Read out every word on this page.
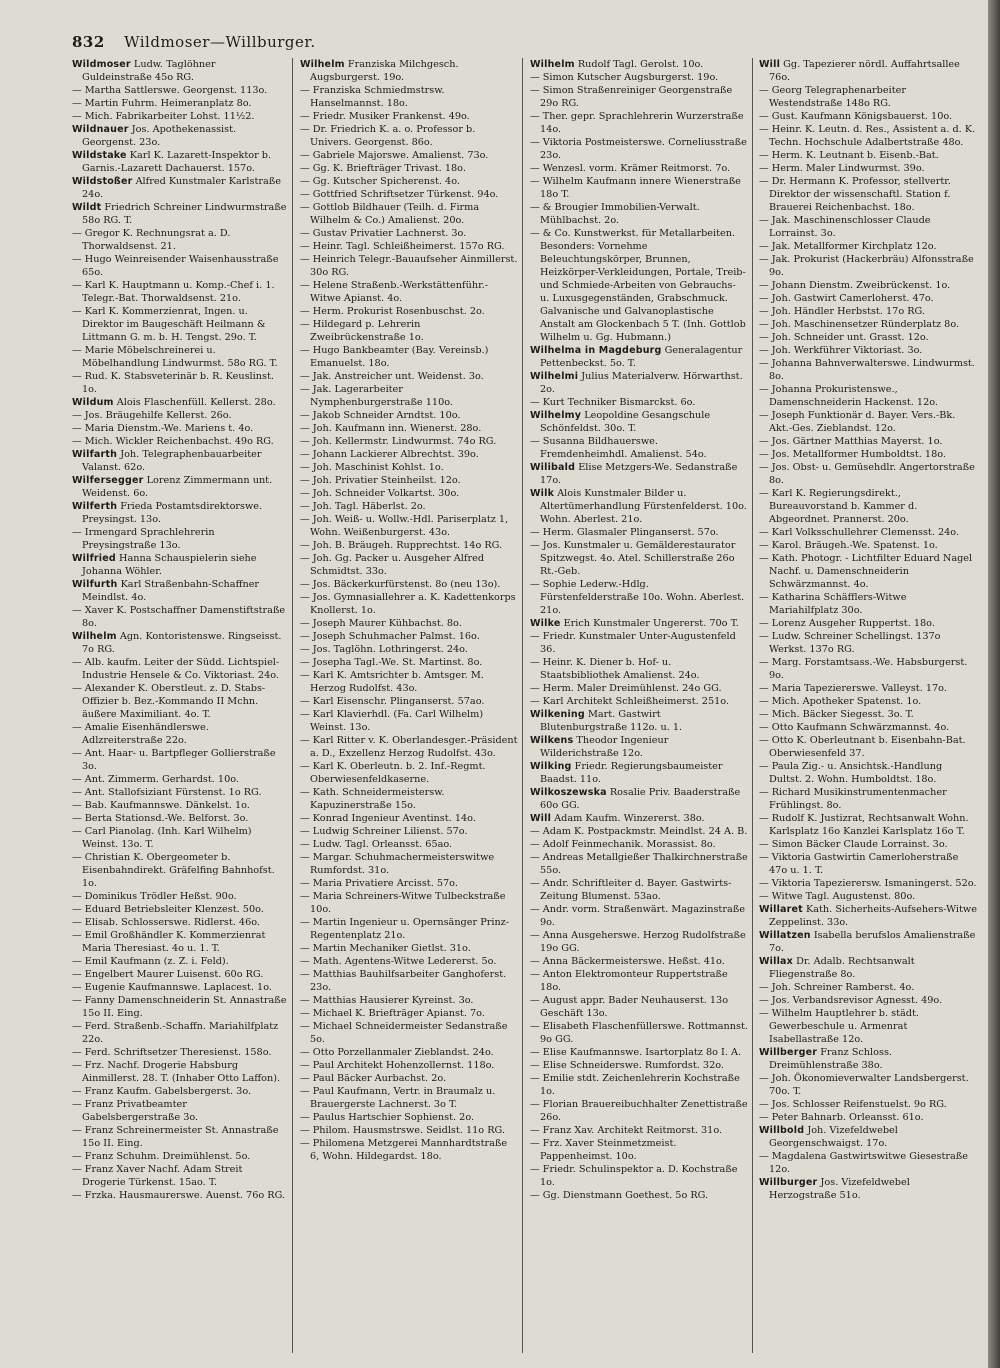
832 Wildmoser—Willburger.

Wildmoser Ludw. Taglöhner Guldeinstraße 45o RG.

— Martha Sattlerswe. Georgenst. 113o.

— Martin Fuhrm. Heimeranplatz 8o.

— Mich. Fabrikarbeiter Lohst. 11½2.

Wildnauer Jos. Apothekenassist. Georgenst. 23o.

Wildstake Karl K. Lazarett-Inspektor b. Garnis.-Lazarett Dachauerst. 157o.

Wildstoßer Alfred Kunstmaler Karlstraße 24o.

Wildt Friedrich Schreiner Lindwurmstraße 58o RG. T.

— Gregor K. Rechnungsrat a. D. Thorwaldsenst. 21.

— Hugo Weinreisender Waisenhausstraße 65o.

— Karl K. Hauptmann u. Komp.-Chef i. 1. Telegr.-Bat. Thorwaldsenst. 21o.

— Karl K. Kommerzienrat, Ingen. u. Direktor im Baugeschäft Heilmann & Littmann G. m. b. H. Tengst. 29o. T.

— Marie Möbelschreinerei u. Möbelhandlung Lindwurmst. 58o RG. T.

— Rud. K. Stabsveterinär b. R. Keuslinst. 1o.

Wildum Alois Flaschenfüll. Kellerst. 28o.

— Jos. Bräugehilfe Kellerst. 26o.

— Maria Dienstm.-We. Mariens t. 4o.

— Mich. Wickler Reichenbachst. 49o RG.

Wilfarth Joh. Telegraphenbauarbeiter Valanst. 62o.

Wilfersegger Lorenz Zimmermann unt. Weidenst. 6o.

Wilferth Frieda Postamtsdirektorswe. Preysingst. 13o.

— Irmengard Sprachlehrerin Preysingstraße 13o.

Wilfried Hanna Schauspielerin siehe Johanna Wöhler.

Wilfurth Karl Straßenbahn-Schaffner Meindlst. 4o.

— Xaver K. Postschaffner Damenstiftstraße 8o.

Wilhelm Agn. Kontoristenswe. Ringseisst. 7o RG.

— Alb. kaufm. Leiter der Südd. Lichtspiel-Industrie Hensele & Co. Viktoriast. 24o.

— Alexander K. Oberstleut. z. D. Stabs-Offizier b. Bez.-Kommando II Mchn. äußere Maximiliant. 4o. T.

— Amalie Eisenhändlerswe. Adlzreiterstraße 22o.

— Ant. Haar- u. Bartpfleger Gollierstraße 3o.

— Ant. Zimmerm. Gerhardst. 10o.

— Ant. Stallofsiziant Fürstenst. 1o RG.

— Bab. Kaufmannswe. Dänkelst. 1o.

— Berta Stationsd.-We. Belforst. 3o.

— Carl Pianolag. (Inh. Karl Wilhelm) Weinst. 13o. T.

— Christian K. Obergeometer b. Eisenbahndirekt. Gräfelfing Bahnhofst. 1o.

— Dominikus Trödler Heßst. 90o.

— Eduard Betriebsleiter Klenzest. 50o.

— Elisab. Schlosserswe. Ridlerst. 46o.

— Emil Großhändler K. Kommerzienrat Maria Theresiast. 4o u. 1. T.

— Emil Kaufmann (z. Z. i. Feld).

— Engelbert Maurer Luisenst. 60o RG.

— Eugenie Kaufmannswe. Laplacest. 1o.

— Fanny Damenschneiderin St. Annastraße 15o II. Eing.

— Ferd. Straßenb.-Schaffn. Mariahilfplatz 22o.

— Ferd. Schriftsetzer Theresienst. 158o.

— Frz. Nachf. Drogerie Habsburg Ainmillerst. 28. T. (Inhaber Otto Laffon).

— Franz Kaufm. Gabelsbergerst. 3o.

— Franz Privatbeamter Gabelsbergerstraße 3o.

— Franz Schreinermeister St. Annastraße 15o II. Eing.

— Franz Schuhm. Dreimühlenst. 5o.

— Franz Xaver Nachf. Adam Streit Drogerie Türkenst. 15ao. T.

— Frzka. Hausmaurerswe. Auenst. 76o RG.

Wilhelm Franziska Milchgesch. Augsburgerst. 19o.

— Franziska Schmiedmstrsw. Hanselmannst. 18o.

— Friedr. Musiker Frankenst. 49o.

— Dr. Friedrich K. a. o. Professor b. Univers. Georgenst. 86o.

— Gabriele Majorswe. Amalienst. 73o.

— Gg. K. Briefträger Trivast. 18o.

— Gg. Kutscher Spicherenst. 4o.

— Gottfried Schriftsetzer Türkenst. 94o.

— Gottlob Bildhauer (Teilh. d. Firma Wilhelm & Co.) Amalienst. 20o.

— Gustav Privatier Lachnerst. 3o.

— Heinr. Tagl. Schleißheimerst. 157o RG.

— Heinrich Telegr.-Bauaufseher Ainmillerst. 30o RG.

— Helene Straßenb.-Werkstättenführ.-Witwe Apianst. 4o.

— Herm. Prokurist Rosenbuschst. 2o.

— Hildegard p. Lehrerin Zweibrückenstraße 1o.

— Hugo Bankbeamter (Bay. Vereinsb.) Emanuelst. 18o.

— Jak. Anstreicher unt. Weidenst. 3o.

— Jak. Lagerarbeiter Nymphenburgerstraße 110o.

— Jakob Schneider Arndtst. 10o.

— Joh. Kaufmann inn. Wienerst. 28o.

— Joh. Kellermstr. Lindwurmst. 74o RG.

— Johann Lackierer Albrechtst. 39o.

— Joh. Maschinist Kohlst. 1o.

— Joh. Privatier Steinheilst. 12o.

— Joh. Schneider Volkartst. 30o.

— Joh. Tagl. Häberlst. 2o.

— Joh. Weiß- u. Wollw.-Hdl. Pariserplatz 1, Wohn. Weißenburgerst. 43o.

— Joh. B. Bräugeh. Rupprechtst. 14o RG.

— Joh. Gg. Packer u. Ausgeher Alfred Schmidtst. 33o.

— Jos. Bäckerkurfürstenst. 8o (neu 13o).

— Jos. Gymnasiallehrer a. K. Kadettenkorps Knollerst. 1o.

— Joseph Maurer Kühbachst. 8o.

— Joseph Schuhmacher Palmst. 16o.

— Jos. Taglöhn. Lothringerst. 24o.

— Josepha Tagl.-We. St. Martinst. 8o.

— Karl K. Amtsrichter b. Amtsger. M. Herzog Rudolfst. 43o.

— Karl Eisenschr. Plinganserst. 57ao.

— Karl Klavierhdl. (Fa. Carl Wilhelm) Weinst. 13o.

— Karl Ritter v. K. Oberlandesger.-Präsident a. D., Exzellenz Herzog Rudolfst. 43o.

— Karl K. Oberleutn. b. 2. Inf.-Regmt. Oberwiesenfeldkaserne.

— Kath. Schneidermeistersw. Kapuzinerstraße 15o.

— Konrad Ingenieur Aventinst. 14o.

— Ludwig Schreiner Lilienst. 57o.

— Ludw. Tagl. Orleansst. 65ao.

— Margar. Schuhmachermeisterswitwe Rumfordst. 31o.

— Maria Privatiere Arcisst. 57o.

— Maria Schreiners-Witwe Tulbeckstraße 10o.

— Martin Ingenieur u. Opernsänger Prinz-Regentenplatz 21o.

— Martin Mechaniker Gietlst. 31o.

— Math. Agentens-Witwe Ledererst. 5o.

— Matthias Bauhilfsarbeiter Ganghoferst. 23o.

— Matthias Hausierer Kyreinst. 3o.

— Michael K. Briefträger Apianst. 7o.

— Michael Schneidermeister Sedanstraße 5o.

— Otto Porzellanmaler Zieblandst. 24o.

— Paul Architekt Hohenzollernst. 118o.

— Paul Bäcker Aurbachst. 2o.

— Paul Kaufmann, Vertr. in Braumalz u. Brauergerste Lachnerst. 3o T.

— Paulus Hartschier Sophienst. 2o.

— Philom. Hausmstrswe. Seidlst. 11o RG.

— Philomena Metzgerei Mannhardtstraße 6, Wohn. Hildegardst. 18o.

Wilhelm Rudolf Tagl. Gerolst. 10o.

— Simon Kutscher Augsburgerst. 19o.

— Simon Straßenreiniger Georgenstraße 29o RG.

— Ther. gepr. Sprachlehrerin Wurzerstraße 14o.

— Viktoria Postmeisterswe. Corneliusstraße 23o.

— Wenzesl. vorm. Krämer Reitmorst. 7o.

— Wilhelm Kaufmann innere Wienerstraße 18o T.

— & Brougier Immobilien-Verwalt. Mühlbachst. 2o.

— & Co. Kunstwerkst. für Metallarbeiten. Besonders: Vornehme Beleuchtungskörper, Brunnen, Heizkörper-Verkleidungen, Portale, Treib- und Schmiede-Arbeiten von Gebrauchs- u. Luxusgegenständen, Grabschmuck. Galvanische und Galvanoplastische Anstalt am Glockenbach 5 T. (Inh. Gottlob Wilhelm u. Gg. Hubmann.)

Wilhelma in Magdeburg Generalagentur Pettenbeckst. 5o. T.

Wilhelmi Julius Materialverw. Hörwarthst. 2o.

— Kurt Techniker Bismarckst. 6o.

Wilhelmy Leopoldine Gesangschule Schönfeldst. 30o. T.

— Susanna Bildhauerswe. Fremdenheimhdl. Amalienst. 54o.

Wilibald Elise Metzgers-We. Sedanstraße 17o.

Wilk Alois Kunstmaler Bilder u. Altertümerhandlung Fürstenfelderst. 10o. Wohn. Aberlest. 21o.

— Herm. Glasmaler Plinganserst. 57o.

— Jos. Kunstmaler u. Gemälderestaurator Spitzwegst. 4o. Atel. Schillerstraße 26o Rt.-Geb.

— Sophie Lederw.-Hdlg. Fürstenfelderstraße 10o. Wohn. Aberlest. 21o.

Wilke Erich Kunstmaler Ungererst. 70o T.

— Friedr. Kunstmaler Unter-Augustenfeld 36.

— Heinr. K. Diener b. Hof- u. Staatsbibliothek Amalienst. 24o.

— Herm. Maler Dreimühlenst. 24o GG.

— Karl Architekt Schleißheimerst. 251o.

Wilkening Mart. Gastwirt Blutenburgstraße 112o. u. 1.

Wilkens Theodor Ingenieur Wilderichstraße 12o.

Wilking Friedr. Regierungsbaumeister Baadst. 11o.

Wilkoszewska Rosalie Priv. Baaderstraße 60o GG.

Will Adam Kaufm. Winzererst. 38o.

— Adam K. Postpackmstr. Meindlst. 24 A. B.

— Adolf Feinmechanik. Morassist. 8o.

— Andreas Metallgießer Thalkirchnerstraße 55o.

— Andr. Schriftleiter d. Bayer. Gastwirts-Zeitung Blumenst. 53ao.

— Andr. vorm. Straßenwärt. Magazinstraße 9o.

— Anna Ausgeherswe. Herzog Rudolfstraße 19o GG.

— Anna Bäckermeisterswe. Heßst. 41o.

— Anton Elektromonteur Ruppertstraße 18o.

— August appr. Bader Neuhauserst. 13o Geschäft 13o.

— Elisabeth Flaschenfüllerswe. Rottmannst. 9o GG.

— Elise Kaufmannswe. Isartorplatz 8o I. A.

— Elise Schneiderswe. Rumfordst. 32o.

— Emilie stdt. Zeichenlehrerin Kochstraße 1o.

— Florian Brauereibuchhalter Zenettistraße 26o.

— Franz Xav. Architekt Reitmorst. 31o.

— Frz. Xaver Steinmetzmeist. Pappenheimst. 10o.

— Friedr. Schulinspektor a. D. Kochstraße 1o.

— Gg. Dienstmann Goethest. 5o RG.

Will Gg. Tapezierer nördl. Auffahrtsallee 76o.

— Georg Telegraphenarbeiter Westendstraße 148o RG.

— Gust. Kaufmann Königsbauerst. 10o.

— Heinr. K. Leutn. d. Res., Assistent a. d. K. Techn. Hochschule Adalbertstraße 48o.

— Herm. K. Leutnant b. Eisenb.-Bat.

— Herm. Maler Lindwurmst. 39o.

— Dr. Hermann K. Professor, stellvertr. Direktor der wissenschaftl. Station f. Brauerei Reichenbachst. 18o.

— Jak. Maschinenschlosser Claude Lorrainst. 3o.

— Jak. Metallformer Kirchplatz 12o.

— Jak. Prokurist (Hackerbräu) Alfonsstraße 9o.

— Johann Dienstm. Zweibrückenst. 1o.

— Joh. Gastwirt Camerloherst. 47o.

— Joh. Händler Herbstst. 17o RG.

— Joh. Maschinensetzer Ründerplatz 8o.

— Joh. Schneider unt. Grasst. 12o.

— Joh. Werkführer Viktoriast. 3o.

— Johanna Bahnverwalterswe. Lindwurmst. 8o.

— Johanna Prokuristenswe., Damenschneiderin Hackenst. 12o.

— Joseph Funktionär d. Bayer. Vers.-Bk. Akt.-Ges. Zieblandst. 12o.

— Jos. Gärtner Matthias Mayerst. 1o.

— Jos. Metallformer Humboldtst. 18o.

— Jos. Obst- u. Gemüsehdlr. Angertorstraße 8o.

— Karl K. Regierungsdirekt., Bureauvorstand b. Kammer d. Abgeordnet. Prannerst. 20o.

— Karl Volksschullehrer Clemensst. 24o.

— Karol. Bräugeh.-We. Spatenst. 1o.

— Kath. Photogr. - Lichtfilter Eduard Nagel Nachf. u. Damenschneiderin Schwärzmannst. 4o.

— Katharina Schäfflers-Witwe Mariahilfplatz 30o.

— Lorenz Ausgeher Ruppertst. 18o.

— Ludw. Schreiner Schellingst. 137o Werkst. 137o RG.

— Marg. Forstamtsass.-We. Habsburgerst. 9o.

— Maria Tapeziererswe. Valleyst. 17o.

— Mich. Apotheker Spatenst. 1o.

— Mich. Bäcker Siegesst. 3o. T.

— Otto Kaufmann Schwärzmannst. 4o.

— Otto K. Oberleutnant b. Eisenbahn-Bat. Oberwiesenfeld 37.

— Paula Zig.- u. Ansichtsk.-Handlung Dultst. 2. Wohn. Humboldtst. 18o.

— Richard Musikinstrumentenmacher Frühlingst. 8o.

— Rudolf K. Justizrat, Rechtsanwalt Wohn. Karlsplatz 16o Kanzlei Karlsplatz 16o T.

— Simon Bäcker Claude Lorrainst. 3o.

— Viktoria Gastwirtin Camerloherstraße 47o u. 1. T.

— Viktoria Tapezierersw. Ismaningerst. 52o.

— Witwe Tagl. Augustenst. 80o.

Willaret Kath. Sicherheits-Aufsehers-Witwe Zeppelinst. 33o.

Willatzen Isabella berufslos Amalienstraße 7o.

Willax Dr. Adalb. Rechtsanwalt Fliegenstraße 8o.

— Joh. Schreiner Ramberst. 4o.

— Jos. Verbandsrevisor Agnesst. 49o.

— Wilhelm Hauptlehrer b. städt. Gewerbeschule u. Armenrat Isabellastraße 12o.

Willberger Franz Schloss. Dreimühlenstraße 38o.

— Joh. Ökonomieverwalter Landsbergerst. 70o. T.

— Jos. Schlosser Reifenstuelst. 9o RG.

— Peter Bahnarb. Orleansst. 61o.

Willbold Joh. Vizefeldwebel Georgenschwaigst. 17o.

— Magdalena Gastwirtswitwe Giesestraße 12o.

Willburger Jos. Vizefeldwebel Herzogstraße 51o.
